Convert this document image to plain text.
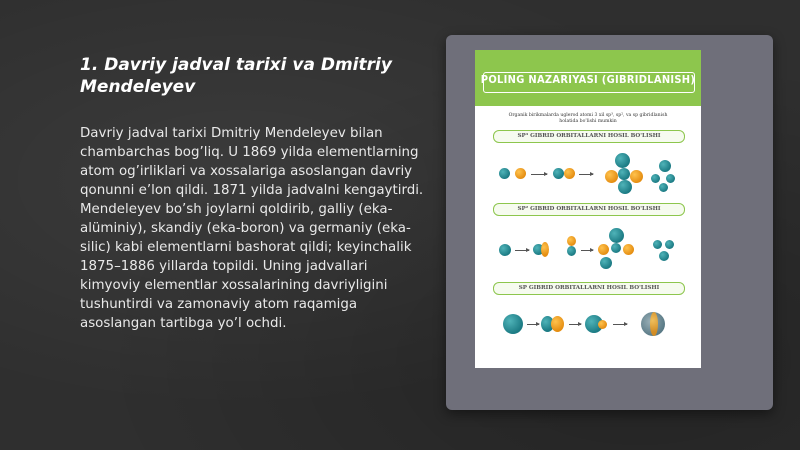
1. Davriy jadval tarixi va Dmitriy Mendeleyev
Davriy jadval tarixi Dmitriy Mendeleyev bilan chambarchas bog’liq. U 1869 yilda elementlarning atom og’irliklari va xossalariga asoslangan davriy qonunni e’lon qildi. 1871 yilda jadvalni kengaytirdi. Mendeleyev bo’sh joylarni qoldirib, galliy (eka-alüminiy), skandiy (eka-boron) va germaniy (eka-silic) kabi elementlarni bashorat qildi; keyinchalik 1875–1886 yillarda topildi. Uning jadvallari kimyoviy elementlar xossalarining davriyligini tushuntirdi va zamonaviy atom raqamiga asoslangan tartibga yo’l ochdi.
POLING NAZARIYASI (GIBRIDLANISH)
Organik birikmalarda uglerod atomi 3 xil sp³, sp², va sp gibridlanish holatida bo'lishi mumkin
SP³ GIBRID ORBITALLARNI HOSIL BO'LISHI
SP² GIBRID ORBITALLARNI HOSIL BO'LISHI
SP GIBRID ORBITALLARNI HOSIL BO'LISHI
